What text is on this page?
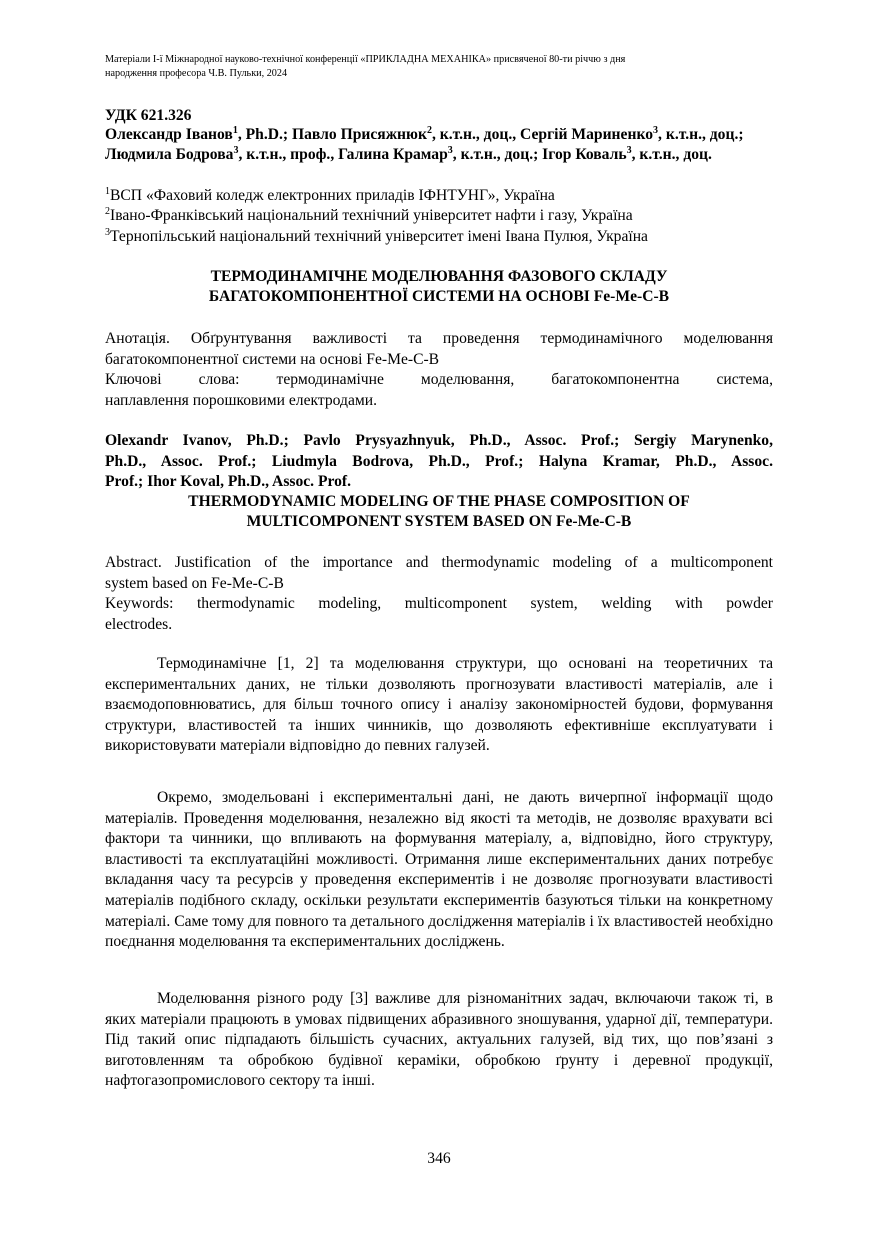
Матеріали I-ї Міжнародної науково-технічної конференції «ПРИКЛАДНА МЕХАНІКА» присвяченої 80-ти річчю з дня
народження професора Ч.В. Пульки, 2024
УДК 621.326
Олександр Іванов$^1$, Ph.D.; Павло Присяжнюк$^2$, к.т.н., доц., Сергій Мариненко$^3$, к.т.н., доц.; Людмила Бодрова$^3$, к.т.н., проф., Галина Крамар$^3$, к.т.н., доц.; Ігор Коваль$^3$, к.т.н., доц.
$^1$ВСП «Фаховий коледж електронних приладів ІФНТУНГ», Україна
$^2$Івано-Франківський національний технічний університет нафти і газу, Україна
$^3$Тернопільський національний технічний університет імені Івана Пулюя, Україна
ТЕРМОДИНАМІЧНЕ МОДЕЛЮВАННЯ ФАЗОВОГО СКЛАДУ
БАГАТОКОМПОНЕНТНОЇ СИСТЕМИ НА ОСНОВІ Fe-Me-C-B
Анотація. Обґрунтування важливості та проведення термодинамічного моделювання
багатокомпонентної системи на основі Fe-Me-C-B
Ключові слова: термодинамічне моделювання, багатокомпонентна система,
наплавлення порошковими електродами.
Olexandr Ivanov, Ph.D.; Pavlo Prysyazhnyuk, Ph.D., Assoc. Prof.; Sergiy Marynenko,
Ph.D., Assoc. Prof.; Liudmyla Bodrova, Ph.D., Prof.; Halyna Kramar, Ph.D., Assoc.
Prof.; Ihor Koval, Ph.D., Assoc. Prof.
THERMODYNAMIC MODELING OF THE PHASE COMPOSITION OF
MULTICOMPONENT SYSTEM BASED ON Fe-Me-C-B
Abstract. Justification of the importance and thermodynamic modeling of a multicomponent
system based on Fe-Me-C-B
Keywords: thermodynamic modeling, multicomponent system, welding with powder
electrodes.
Термодинамічне [1, 2] та моделювання структури, що основані на теоретичних та експериментальних даних, не тільки дозволяють прогнозувати властивості матеріалів, але і взаємодоповнюватись, для більш точного опису і аналізу закономірностей будови, формування структури, властивостей та інших чинників, що дозволяють ефективніше експлуатувати і використовувати матеріали відповідно до певних галузей.
Окремо, змодельовані і експериментальні дані, не дають вичерпної інформації щодо матеріалів. Проведення моделювання, незалежно від якості та методів, не дозволяє врахувати всі фактори та чинники, що впливають на формування матеріалу, а, відповідно, його структуру, властивості та експлуатаційні можливості. Отримання лише експериментальних даних потребує вкладання часу та ресурсів у проведення експериментів і не дозволяє прогнозувати властивості матеріалів подібного складу, оскільки результати експериментів базуються тільки на конкретному матеріалі. Саме тому для повного та детального дослідження матеріалів і їх властивостей необхідно поєднання моделювання та експериментальних досліджень.
Моделювання різного роду [3] важливе для різноманітних задач, включаючи також ті, в яких матеріали працюють в умовах підвищених абразивного зношування, ударної дії, температури. Під такий опис підпадають більшість сучасних, актуальних галузей, від тих, що пов’язані з виготовленням та обробкою будівної кераміки, обробкою ґрунту і деревної продукції, нафтогазопромислового сектору та інші.
346
